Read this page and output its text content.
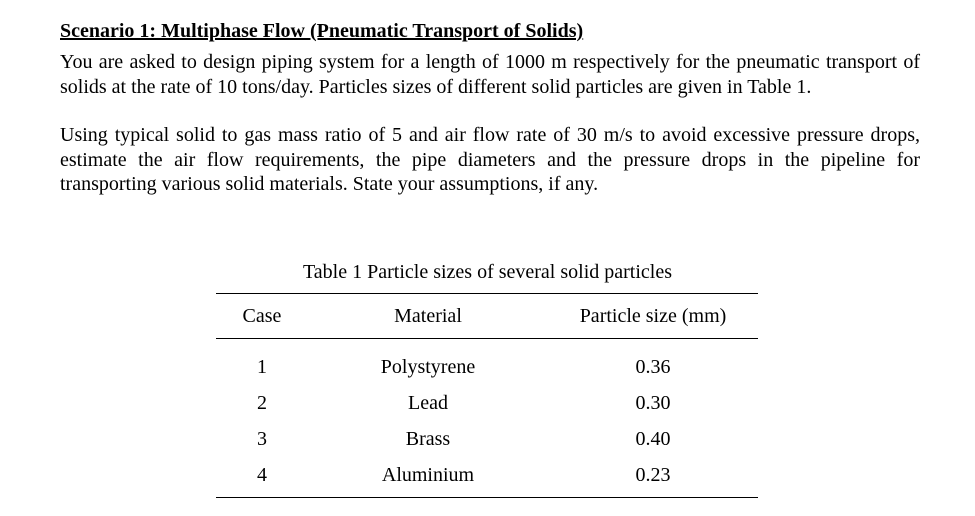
Scenario 1: Multiphase Flow (Pneumatic Transport of Solids)

You are asked to design piping system for a length of 1000 m respectively for the pneumatic transport of solids at the rate of 10 tons/day. Particles sizes of different solid particles are given in Table 1.

Using typical solid to gas mass ratio of 5 and air flow rate of 30 m/s to avoid excessive pressure drops, estimate the air flow requirements, the pipe diameters and the pressure drops in the pipeline for transporting various solid materials. State your assumptions, if any.

Table 1 Particle sizes of several solid particles

Case	Material	Particle size (mm)
1	Polystyrene	0.36
2	Lead	0.30
3	Brass	0.40
4	Aluminium	0.23
